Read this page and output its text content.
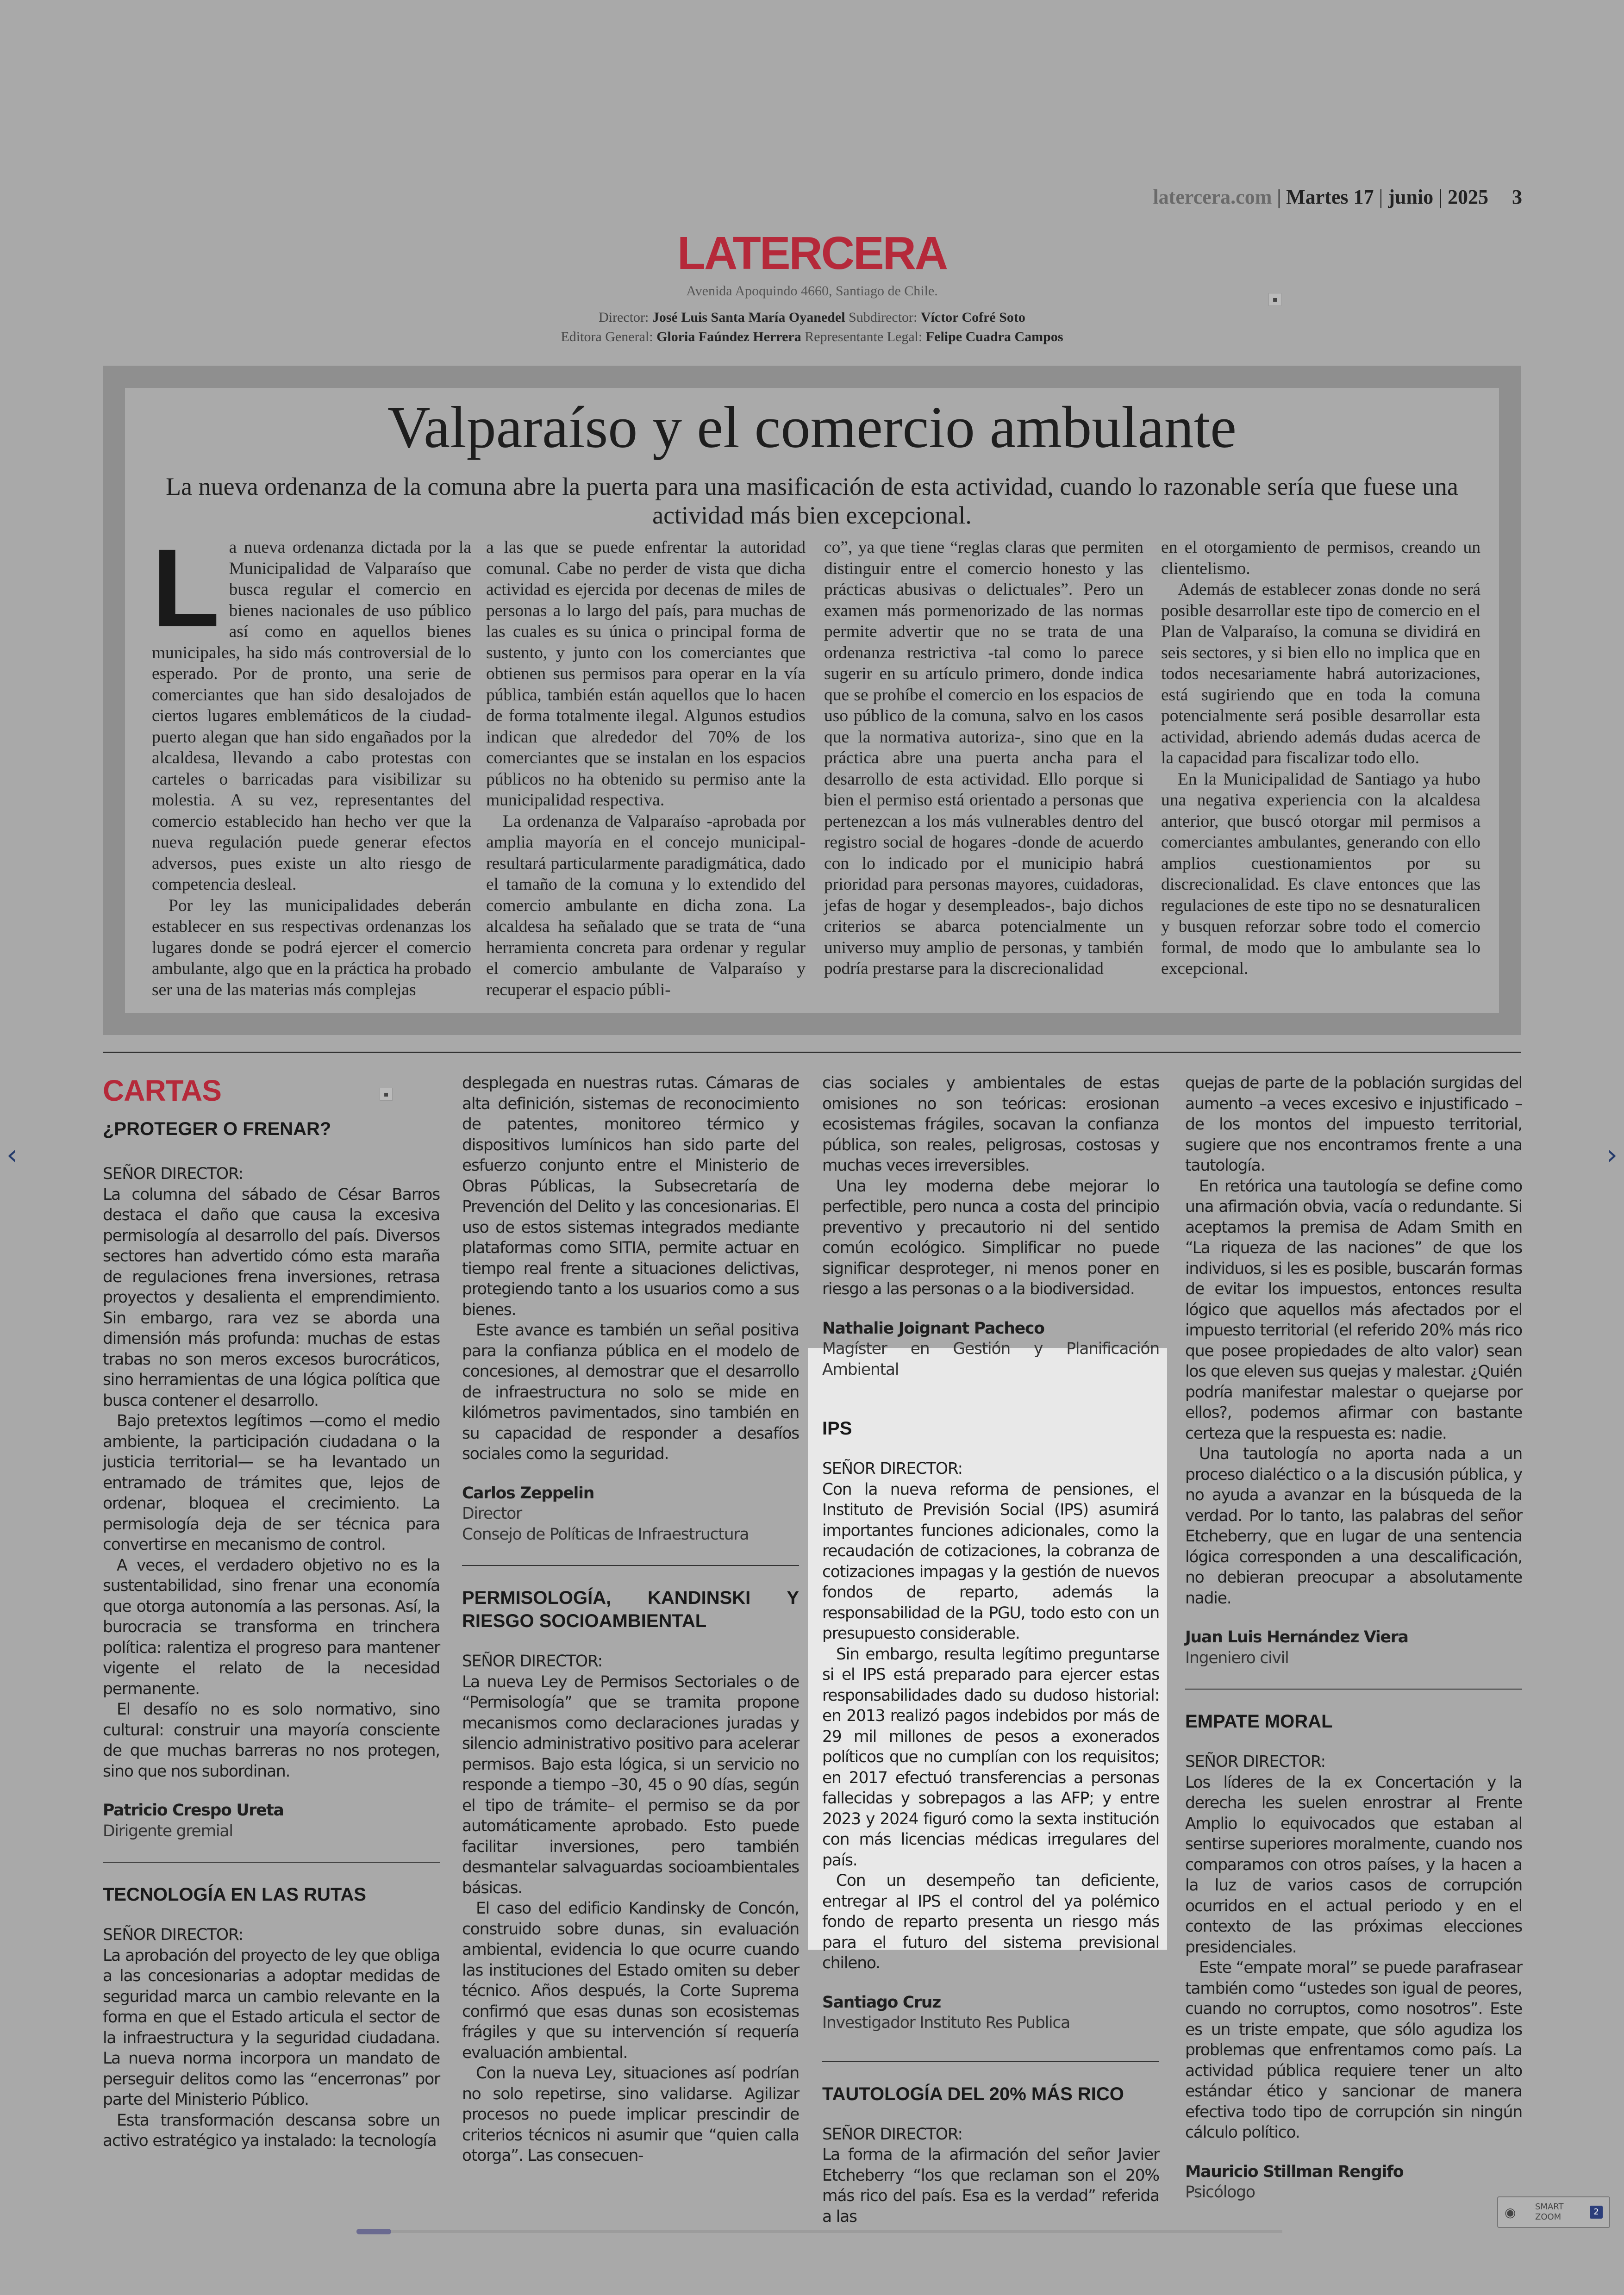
latercera.com | Martes 17 | junio | 2025 3
LATERCERA
Avenida Apoquindo 4660, Santiago de Chile.
Director: José Luis Santa María Oyanedel Subdirector: Víctor Cofré Soto
Editora General: Gloria Faúndez Herrera Representante Legal: Felipe Cuadra Campos
▪
Valparaíso y el comercio ambulante
La nueva ordenanza de la comuna abre la puerta para una masificación de esta actividad, cuando lo razonable sería que fuese una actividad más bien excepcional.

La nueva ordenanza dictada por la Municipalidad de Valparaíso que busca regular el comercio en bienes nacionales de uso público así como en aquellos bienes municipales, ha sido más controversial de lo esperado. Por de pronto, una serie de comerciantes que han sido desalojados de ciertos lugares emblemáticos de la ciudad-puerto alegan que han sido engañados por la alcaldesa, llevando a cabo protestas con carteles o barricadas para visibilizar su molestia. A su vez, representantes del comercio establecido han hecho ver que la nueva regulación puede generar efectos adversos, pues existe un alto riesgo de competencia desleal.

Por ley las municipalidades deberán establecer en sus respectivas ordenanzas los lugares donde se podrá ejercer el comercio ambulante, algo que en la práctica ha probado ser una de las materias más complejas

a las que se puede enfrentar la autoridad comunal. Cabe no perder de vista que dicha actividad es ejercida por decenas de miles de personas a lo largo del país, para muchas de las cuales es su única o principal forma de sustento, y junto con los comerciantes que obtienen sus permisos para operar en la vía pública, también están aquellos que lo hacen de forma totalmente ilegal. Algunos estudios indican que alrededor del 70% de los comerciantes que se instalan en los espacios públicos no ha obtenido su permiso ante la municipalidad respectiva.

La ordenanza de Valparaíso -aprobada por amplia mayoría en el concejo municipal- resultará particularmente paradigmática, dado el tamaño de la comuna y lo extendido del comercio ambulante en dicha zona. La alcaldesa ha señalado que se trata de “una herramienta concreta para ordenar y regular el comercio ambulante de Valparaíso y recuperar el espacio públi-

co”, ya que tiene “reglas claras que permiten distinguir entre el comercio honesto y las prácticas abusivas o delictuales”. Pero un examen más pormenorizado de las normas permite advertir que no se trata de una ordenanza restrictiva -tal como lo parece sugerir en su artículo primero, donde indica que se prohíbe el comercio en los espacios de uso público de la comuna, salvo en los casos que la normativa autoriza-, sino que en la práctica abre una puerta ancha para el desarrollo de esta actividad. Ello porque si bien el permiso está orientado a personas que pertenezcan a los más vulnerables dentro del registro social de hogares -donde de acuerdo con lo indicado por el municipio habrá prioridad para personas mayores, cuidadoras, jefas de hogar y desempleados-, bajo dichos criterios se abarca potencialmente un universo muy amplio de personas, y también podría prestarse para la discrecionalidad

en el otorgamiento de permisos, creando un clientelismo.

Además de establecer zonas donde no será posible desarrollar este tipo de comercio en el Plan de Valparaíso, la comuna se dividirá en seis sectores, y si bien ello no implica que en todos necesariamente habrá autorizaciones, está sugiriendo que en toda la comuna potencialmente será posible desarrollar esta actividad, abriendo además dudas acerca de la capacidad para fiscalizar todo ello.

En la Municipalidad de Santiago ya hubo una negativa experiencia con la alcaldesa anterior, que buscó otorgar mil permisos a comerciantes ambulantes, generando con ello amplios cuestionamientos por su discrecionalidad. Es clave entonces que las regulaciones de este tipo no se desnaturalicen y busquen reforzar sobre todo el comercio formal, de modo que lo ambulante sea lo excepcional.

CARTAS
¿PROTEGER O FRENAR?

SEÑOR DIRECTOR:

La columna del sábado de César Barros destaca el daño que causa la excesiva permisología al desarrollo del país. Diversos sectores han advertido cómo esta maraña de regulaciones frena inversiones, retrasa proyectos y desalienta el emprendimiento. Sin embargo, rara vez se aborda una dimensión más profunda: muchas de estas trabas no son meros excesos burocráticos, sino herramientas de una lógica política que busca contener el desarrollo.

Bajo pretextos legítimos —como el medio ambiente, la participación ciudadana o la justicia territorial— se ha levantado un entramado de trámites que, lejos de ordenar, bloquea el crecimiento. La permisología deja de ser técnica para convertirse en mecanismo de control.

A veces, el verdadero objetivo no es la sustentabilidad, sino frenar una economía que otorga autonomía a las personas. Así, la burocracia se transforma en trinchera política: ralentiza el progreso para mantener vigente el relato de la necesidad permanente.

El desafío no es solo normativo, sino cultural: construir una mayoría consciente de que muchas barreras no nos protegen, sino que nos subordinan.

Patricio Crespo Ureta

Dirigente gremial

TECNOLOGÍA EN LAS RUTAS

SEÑOR DIRECTOR:

La aprobación del proyecto de ley que obliga a las concesionarias a adoptar medidas de seguridad marca un cambio relevante en la forma en que el Estado articula el sector de la infraestructura y la seguridad ciudadana. La nueva norma incorpora un mandato de perseguir delitos como las “encerronas” por parte del Ministerio Público.

Esta transformación descansa sobre un activo estratégico ya instalado: la tecnología

▪

desplegada en nuestras rutas. Cámaras de alta definición, sistemas de reconocimiento de patentes, monitoreo térmico y dispositivos lumínicos han sido parte del esfuerzo conjunto entre el Ministerio de Obras Públicas, la Subsecretaría de Prevención del Delito y las concesionarias. El uso de estos sistemas integrados mediante plataformas como SITIA, permite actuar en tiempo real frente a situaciones delictivas, protegiendo tanto a los usuarios como a sus bienes.

Este avance es también un señal positiva para la confianza pública en el modelo de concesiones, al demostrar que el desarrollo de infraestructura no solo se mide en kilómetros pavimentados, sino también en su capacidad de responder a desafíos sociales como la seguridad.

Carlos Zeppelin

Director

Consejo de Políticas de Infraestructura

PERMISOLOGÍA, KANDINSKI Y RIESGO SOCIOAMBIENTAL

SEÑOR DIRECTOR:

La nueva Ley de Permisos Sectoriales o de “Permisología” que se tramita propone mecanismos como declaraciones juradas y silencio administrativo positivo para acelerar permisos. Bajo esta lógica, si un servicio no responde a tiempo –30, 45 o 90 días, según el tipo de trámite– el permiso se da por automáticamente aprobado. Esto puede facilitar inversiones, pero también desmantelar salvaguardas socioambientales básicas.

El caso del edificio Kandinsky de Concón, construido sobre dunas, sin evaluación ambiental, evidencia lo que ocurre cuando las instituciones del Estado omiten su deber técnico. Años después, la Corte Suprema confirmó que esas dunas son ecosistemas frágiles y que su intervención sí requería evaluación ambiental.

Con la nueva Ley, situaciones así podrían no solo repetirse, sino validarse. Agilizar procesos no puede implicar prescindir de criterios técnicos ni asumir que “quien calla otorga”. Las consecuen-

cias sociales y ambientales de estas omisiones no son teóricas: erosionan ecosistemas frágiles, socavan la confianza pública, son reales, peligrosas, costosas y muchas veces irreversibles.

Una ley moderna debe mejorar lo perfectible, pero nunca a costa del principio preventivo y precautorio ni del sentido común ecológico. Simplificar no puede significar desproteger, ni menos poner en riesgo a las personas o a la biodiversidad.

Nathalie Joignant Pacheco

Magíster en Gestión y Planificación Ambiental

IPS

SEÑOR DIRECTOR:

Con la nueva reforma de pensiones, el Instituto de Previsión Social (IPS) asumirá importantes funciones adicionales, como la recaudación de cotizaciones, la cobranza de cotizaciones impagas y la gestión de nuevos fondos de reparto, además la responsabilidad de la PGU, todo esto con un presupuesto considerable.

Sin embargo, resulta legítimo preguntarse si el IPS está preparado para ejercer estas responsabilidades dado su dudoso historial: en 2013 realizó pagos indebidos por más de 29 mil millones de pesos a exonerados políticos que no cumplían con los requisitos; en 2017 efectuó transferencias a personas fallecidas y sobrepagos a las AFP; y entre 2023 y 2024 figuró como la sexta institución con más licencias médicas irregulares del país.

Con un desempeño tan deficiente, entregar al IPS el control del ya polémico fondo de reparto presenta un riesgo más para el futuro del sistema previsional chileno.

Santiago Cruz

Investigador Instituto Res Publica

TAUTOLOGÍA DEL 20% MÁS RICO

SEÑOR DIRECTOR:

La forma de la afirmación del señor Javier Etcheberry “los que reclaman son el 20% más rico del país. Esa es la verdad” referida a las

quejas de parte de la población surgidas del aumento –a veces excesivo e injustificado –de los montos del impuesto territorial, sugiere que nos encontramos frente a una tautología.

En retórica una tautología se define como una afirmación obvia, vacía o redundante. Si aceptamos la premisa de Adam Smith en “La riqueza de las naciones” de que los individuos, si les es posible, buscarán formas de evitar los impuestos, entonces resulta lógico que aquellos más afectados por el impuesto territorial (el referido 20% más rico que posee propiedades de alto valor) sean los que eleven sus quejas y malestar. ¿Quién podría manifestar malestar o quejarse por ellos?, podemos afirmar con bastante certeza que la respuesta es: nadie.

Una tautología no aporta nada a un proceso dialéctico o a la discusión pública, y no ayuda a avanzar en la búsqueda de la verdad. Por lo tanto, las palabras del señor Etcheberry, que en lugar de una sentencia lógica corresponden a una descalificación, no debieran preocupar a absolutamente nadie.

Juan Luis Hernández Viera

Ingeniero civil

EMPATE MORAL

SEÑOR DIRECTOR:

Los líderes de la ex Concertación y la derecha les suelen enrostrar al Frente Amplio lo equivocados que estaban al sentirse superiores moralmente, cuando nos comparamos con otros países, y la hacen a la luz de varios casos de corrupción ocurridos en el actual periodo y en el contexto de las próximas elecciones presidenciales.

Este “empate moral” se puede parafrasear también como “ustedes son igual de peores, cuando no corruptos, como nosotros”. Este es un triste empate, que sólo agudiza los problemas que enfrentamos como país. La actividad pública requiere tener un alto estándar ético y sancionar de manera efectiva todo tipo de corrupción sin ningún cálculo político.

Mauricio Stillman Rengifo

Psicólogo

‹	›
◉ SMART
ZOOM
2
